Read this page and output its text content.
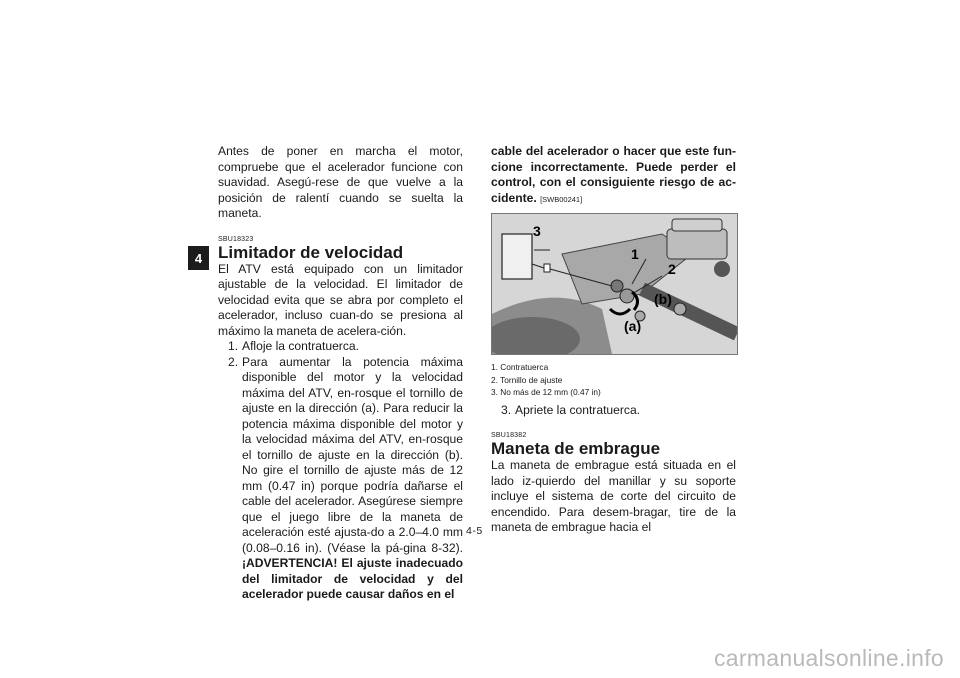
4

Antes de poner en marcha el motor, compruebe que el acelerador funcione con suavidad. Asegú-rese de que vuelve a la posición de ralentí cuando se suelta la maneta.

SBU18323
Limitador de velocidad

El ATV está equipado con un limitador ajustable de la velocidad. El limitador de velocidad evita que se abra por completo el acelerador, incluso cuan-do se presiona al máximo la maneta de acelera-ción.

1. Afloje la contratuerca.
2. Para aumentar la potencia máxima disponible del motor y la velocidad máxima del ATV, en-rosque el tornillo de ajuste en la dirección (a). Para reducir la potencia máxima disponible del motor y la velocidad máxima del ATV, en-rosque el tornillo de ajuste en la dirección (b). No gire el tornillo de ajuste más de 12 mm (0.47 in) porque podría dañarse el cable del acelerador. Asegúrese siempre que el juego libre de la maneta de aceleración esté ajusta-do a 2.0–4.0 mm (0.08–0.16 in). (Véase la pá-gina 8-32). ¡ADVERTENCIA! El ajuste inadecuado del limitador de velocidad y del acelerador puede causar daños en el

cable del acelerador o hacer que este fun-cione incorrectamente. Puede perder el control, con el consiguiente riesgo de ac-cidente. [SWB00241]

3
1
2
(b)
(a)
1. Contratuerca
2. Tornillo de ajuste
3. No más de 12 mm (0.47 in)
3. Apriete la contratuerca.
SBU18382
Maneta de embrague

La maneta de embrague está situada en el lado iz-quierdo del manillar y su soporte incluye el sistema de corte del circuito de encendido. Para desem-bragar, tire de la maneta de embrague hacia el

4-5
carmanualsonline.info
